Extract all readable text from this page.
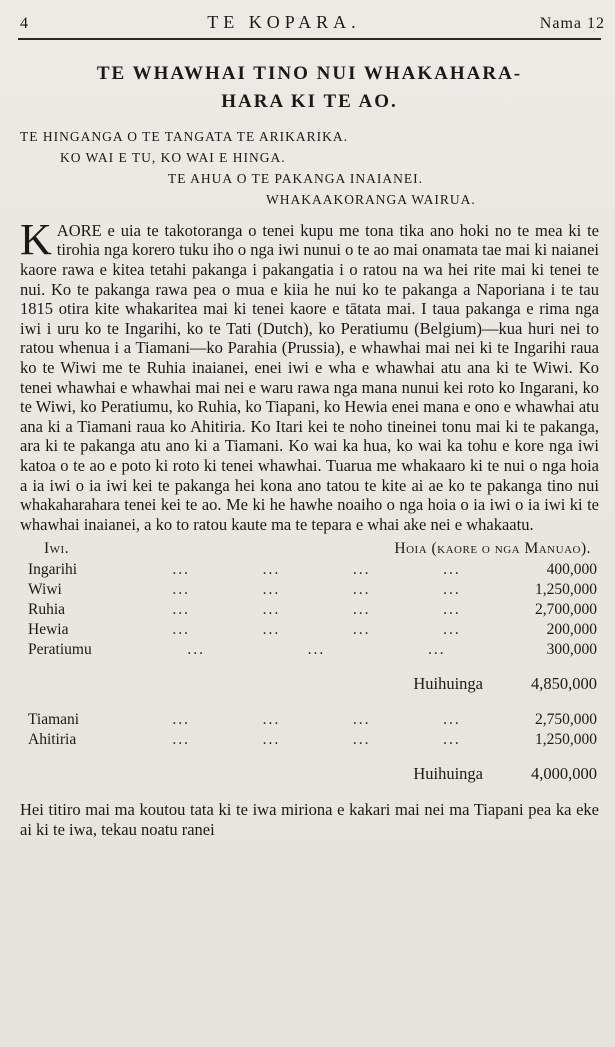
4	TE KOPARA.	Nama 12
TE WHAWHAI TINO NUI WHAKAHARA-
HARA KI TE AO.
TE HINGANGA O TE TANGATA TE ARIKARIKA.
KO WAI E TU, KO WAI E HINGA.
TE AHUA O TE PAKANGA INAIANEI.
WHAKAAKORANGA WAIRUA.

KAORE e uia te takotoranga o tenei kupu me tona tika ano hoki no te mea ki te tirohia nga korero tuku iho o nga iwi nunui o te ao mai onamata tae mai ki naianei kaore rawa e kitea tetahi pakanga i pakangatia i o ratou na wa hei rite mai ki tenei te nui. Ko te pakanga rawa pea o mua e kiia he nui ko te pakanga a Naporiana i te tau 1815 otira kite whakaritea mai ki tenei kaore e tātata mai. I taua pakanga e rima nga iwi i uru ko te Ingarihi, ko te Tati (Dutch), ko Peratiumu (Belgium)—kua huri nei to ratou whenua i a Tiamani—ko Parahia (Prussia), e whawhai mai nei ki te Ingarihi raua ko te Wiwi me te Ruhia inaianei, enei iwi e wha e whawhai atu ana ki te Wiwi. Ko tenei whawhai e whawhai mai nei e waru rawa nga mana nunui kei roto ko Ingarani, ko te Wiwi, ko Peratiumu, ko Ruhia, ko Tiapani, ko Hewia enei mana e ono e whawhai atu ana ki a Tiamani raua ko Ahitiria. Ko Itari kei te noho tineinei tonu mai ki te pakanga, ara ki te pakanga atu ano ki a Tiamani. Ko wai ka hua, ko wai ka tohu e kore nga iwi katoa o te ao e poto ki roto ki tenei whawhai. Tuarua me whakaaro ki te nui o nga hoia a ia iwi o ia iwi kei te pakanga hei kona ano tatou te kite ai ae ko te pakanga tino nui whakaharahara tenei kei te ao. Me ki he hawhe noaiho o nga hoia o ia iwi o ia iwi ki te whawhai inaianei, a ko to ratou kaute ma te tepara e whai ake nei e whakaatu.

Iwi.	Hoia (kaore o nga Manuao).
Ingarihi	...	...	...	...	400,000
Wiwi	...	...	...	...	1,250,000
Ruhia	...	...	...	...	2,700,000
Hewia	...	...	...	...	200,000
Peratiumu	...	...	...	300,000
Huihuinga	4,850,000
Tiamani	...	...	...	...	2,750,000
Ahitiria	...	...	...	...	1,250,000
Huihuinga	4,000,000

Hei titiro mai ma koutou tata ki te iwa miriona e kakari mai nei ma Tiapani pea ka eke ai ki te iwa, tekau noatu ranei
